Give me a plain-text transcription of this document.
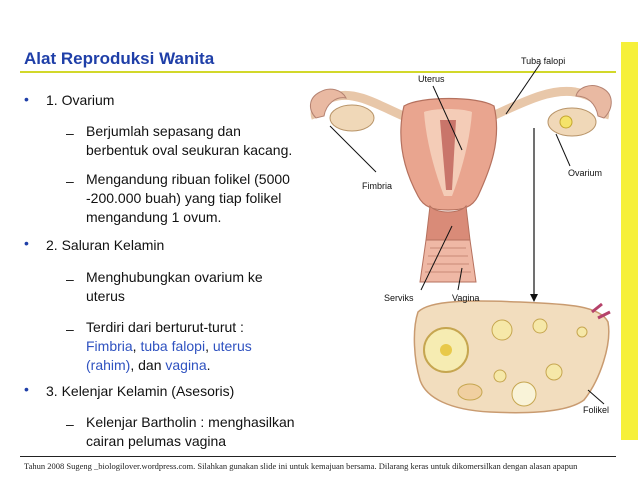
Alat Reproduksi Wanita
• 1. Ovarium
– Berjumlah sepasang dan

berbentuk oval seukuran kacang.

– Mengandung ribuan folikel (5000

-200.000 buah) yang tiap folikel

mengandung 1 ovum.

• 2. Saluran Kelamin
– Menghubungkan ovarium ke

uterus

– Terdiri dari berturut-turut :

Fimbria, tuba falopi, uterus

(rahim), dan vagina.

• 3. Kelenjar Kelamin (Asesoris)
– Kelenjar Bartholin : menghasilkan

cairan pelumas vagina

Tuba falopi
Uterus
Ovarium
Fimbria
Serviks	Vagina
Folikel
Tahun 2008 Sugeng _biologilover.wordpress.com. Silahkan gunakan slide ini untuk kemajuan bersama. Dilarang keras untuk dikomersilkan dengan alasan apapun
